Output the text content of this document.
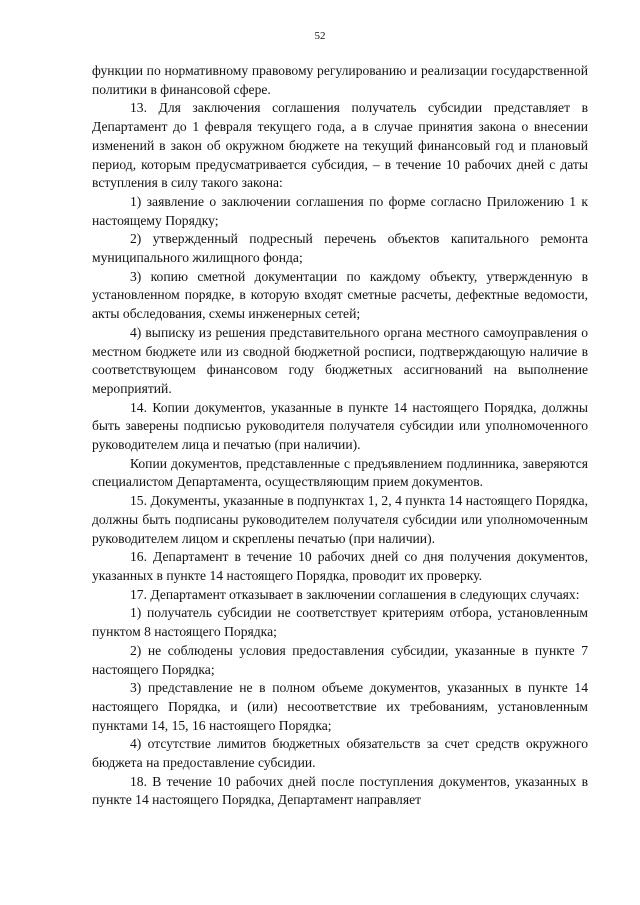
52

функции по нормативному правовому регулированию и реализации государственной политики в финансовой сфере.

13. Для заключения соглашения получатель субсидии представляет в Департамент до 1 февраля текущего года, а в случае принятия закона о внесении изменений в закон об окружном бюджете на текущий финансовый год и плановый период, которым предусматривается субсидия, – в течение 10 рабочих дней с даты вступления в силу такого закона:

1) заявление о заключении соглашения по форме согласно Приложению 1 к настоящему Порядку;

2) утвержденный подресный перечень объектов капитального ремонта муниципального жилищного фонда;

3) копию сметной документации по каждому объекту, утвержденную в установленном порядке, в которую входят сметные расчеты, дефектные ведомости, акты обследования, схемы инженерных сетей;

4) выписку из решения представительного органа местного самоуправления о местном бюджете или из сводной бюджетной росписи, подтверждающую наличие в соответствующем финансовом году бюджетных ассигнований на выполнение мероприятий.

14. Копии документов, указанные в пункте 14 настоящего Порядка, должны быть заверены подписью руководителя получателя субсидии или уполномоченного руководителем лица и печатью (при наличии).

Копии документов, представленные с предъявлением подлинника, заверяются специалистом Департамента, осуществляющим прием документов.

15. Документы, указанные в подпунктах 1, 2, 4 пункта 14 настоящего Порядка, должны быть подписаны руководителем получателя субсидии или уполномоченным руководителем лицом и скреплены печатью (при наличии).

16. Департамент в течение 10 рабочих дней со дня получения документов, указанных в пункте 14 настоящего Порядка, проводит их проверку.

17. Департамент отказывает в заключении соглашения в следующих случаях:

1) получатель субсидии не соответствует критериям отбора, установленным пунктом 8 настоящего Порядка;

2) не соблюдены условия предоставления субсидии, указанные в пункте 7 настоящего Порядка;

3) представление не в полном объеме документов, указанных в пункте 14 настоящего Порядка, и (или) несоответствие их требованиям, установленным пунктами 14, 15, 16 настоящего Порядка;

4) отсутствие лимитов бюджетных обязательств за счет средств окружного бюджета на предоставление субсидии.

18. В течение 10 рабочих дней после поступления документов, указанных в пункте 14 настоящего Порядка, Департамент направляет
